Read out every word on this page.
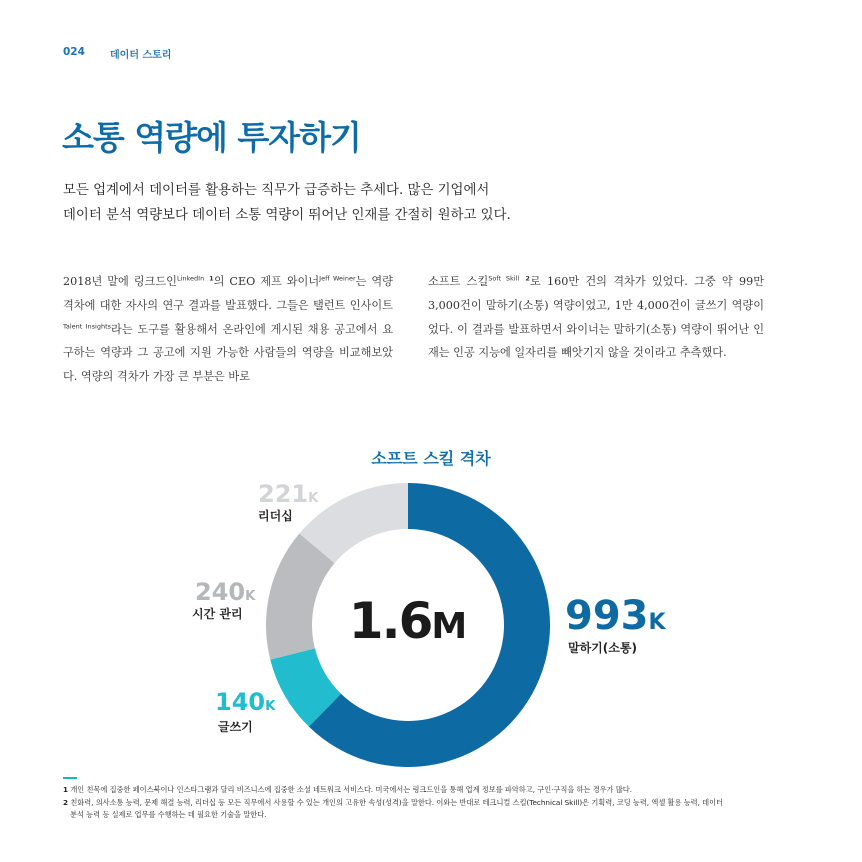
024	데이터 스토리
소통 역량에 투자하기
모든 업계에서 데이터를 활용하는 직무가 급증하는 추세다. 많은 기업에서
데이터 분석 역량보다 데이터 소통 역량이 뛰어난 인재를 간절히 원하고 있다.
2018년 말에 링크드인$^{LinkedIn}$ $^1$의 CEO 제프 와이너$^{Jeff Weiner}$는 역량 격차에 대한 자사의 연구 결과를 발표했다. 그들은 탤런트 인사이트$^{Talent Insights}$라는 도구를 활용해서 온라인에 게시된 채용 공고에서 요구하는 역량과 그 공고에 지원 가능한 사람들의 역량을 비교해보았다. 역량의 격차가 가장 큰 부분은 바로
소프트 스킬$^{Soft Skill}$ $^2$로 160만 건의 격차가 있었다. 그중 약 99만 3,000건이 말하기(소통) 역량이었고, 1만 4,000건이 글쓰기 역량이었다. 이 결과를 발표하면서 와이너는 말하기(소통) 역량이 뛰어난 인재는 인공 지능에 일자리를 빼앗기지 않을 것이라고 추측했다.
소프트 스킬 격차
1.6M 993K
말하기(소통)
140K
글쓰기
240K
시간 관리
221K
리더십
1 개인 친목에 집중한 페이스북이나 인스타그램과 달리 비즈니스에 집중한 소셜 네트워크 서비스다. 미국에서는 링크드인을 통해 업계 정보를 파악하고, 구인·구직을 하는 경우가 많다.
2 친화력, 의사소통 능력, 문제 해결 능력, 리더십 등 모든 직무에서 사용할 수 있는 개인의 고유한 속성(성격)을 말한다. 이와는 반대로 테크니컬 스킬(Technical Skill)은 기획력, 코딩 능력, 엑셀 활용 능력, 데이터
분석 능력 등 실제로 업무를 수행하는 데 필요한 기술을 말한다.
